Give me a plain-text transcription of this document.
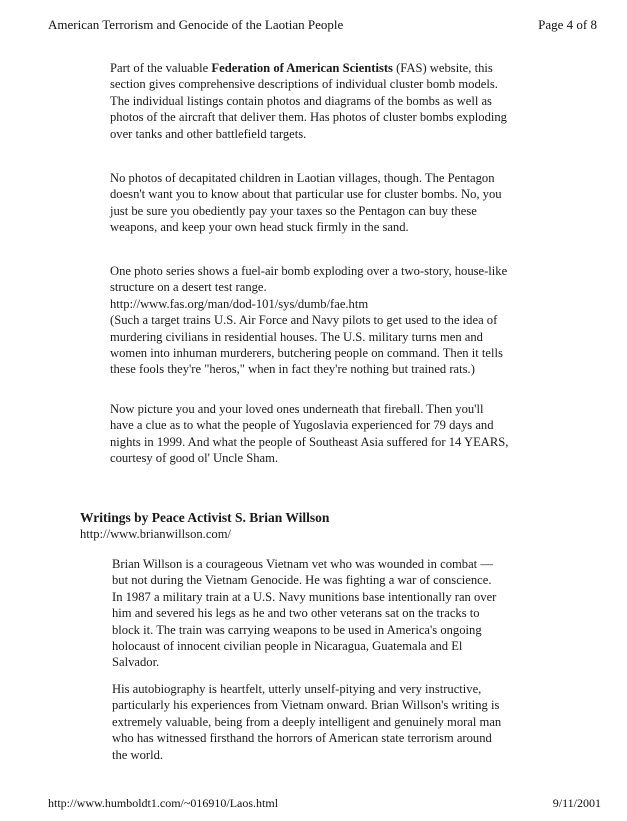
American Terrorism and Genocide of the Laotian People	Page 4 of 8

Part of the valuable Federation of American Scientists (FAS) website, this section gives comprehensive descriptions of individual cluster bomb models. The individual listings contain photos and diagrams of the bombs as well as photos of the aircraft that deliver them. Has photos of cluster bombs exploding over tanks and other battlefield targets.

No photos of decapitated children in Laotian villages, though. The Pentagon doesn't want you to know about that particular use for cluster bombs. No, you just be sure you obediently pay your taxes so the Pentagon can buy these weapons, and keep your own head stuck firmly in the sand.

One photo series shows a fuel-air bomb exploding over a two-story, house-like structure on a desert test range.

http://www.fas.org/man/dod-101/sys/dumb/fae.htm

(Such a target trains U.S. Air Force and Navy pilots to get used to the idea of murdering civilians in residential houses. The U.S. military turns men and women into inhuman murderers, butchering people on command. Then it tells these fools they're "heros," when in fact they're nothing but trained rats.)

Now picture you and your loved ones underneath that fireball. Then you'll have a clue as to what the people of Yugoslavia experienced for 79 days and nights in 1999. And what the people of Southeast Asia suffered for 14 YEARS, courtesy of good ol' Uncle Sham.

Writings by Peace Activist S. Brian Willson
http://www.brianwillson.com/

Brian Willson is a courageous Vietnam vet who was wounded in combat — but not during the Vietnam Genocide. He was fighting a war of conscience. In 1987 a military train at a U.S. Navy munitions base intentionally ran over him and severed his legs as he and two other veterans sat on the tracks to block it. The train was carrying weapons to be used in America's ongoing holocaust of innocent civilian people in Nicaragua, Guatemala and El Salvador.

His autobiography is heartfelt, utterly unself-pitying and very instructive, particularly his experiences from Vietnam onward. Brian Willson's writing is extremely valuable, being from a deeply intelligent and genuinely moral man who has witnessed firsthand the horrors of American state terrorism around the world.

http://www.humboldt1.com/~016910/Laos.html	9/11/2001
